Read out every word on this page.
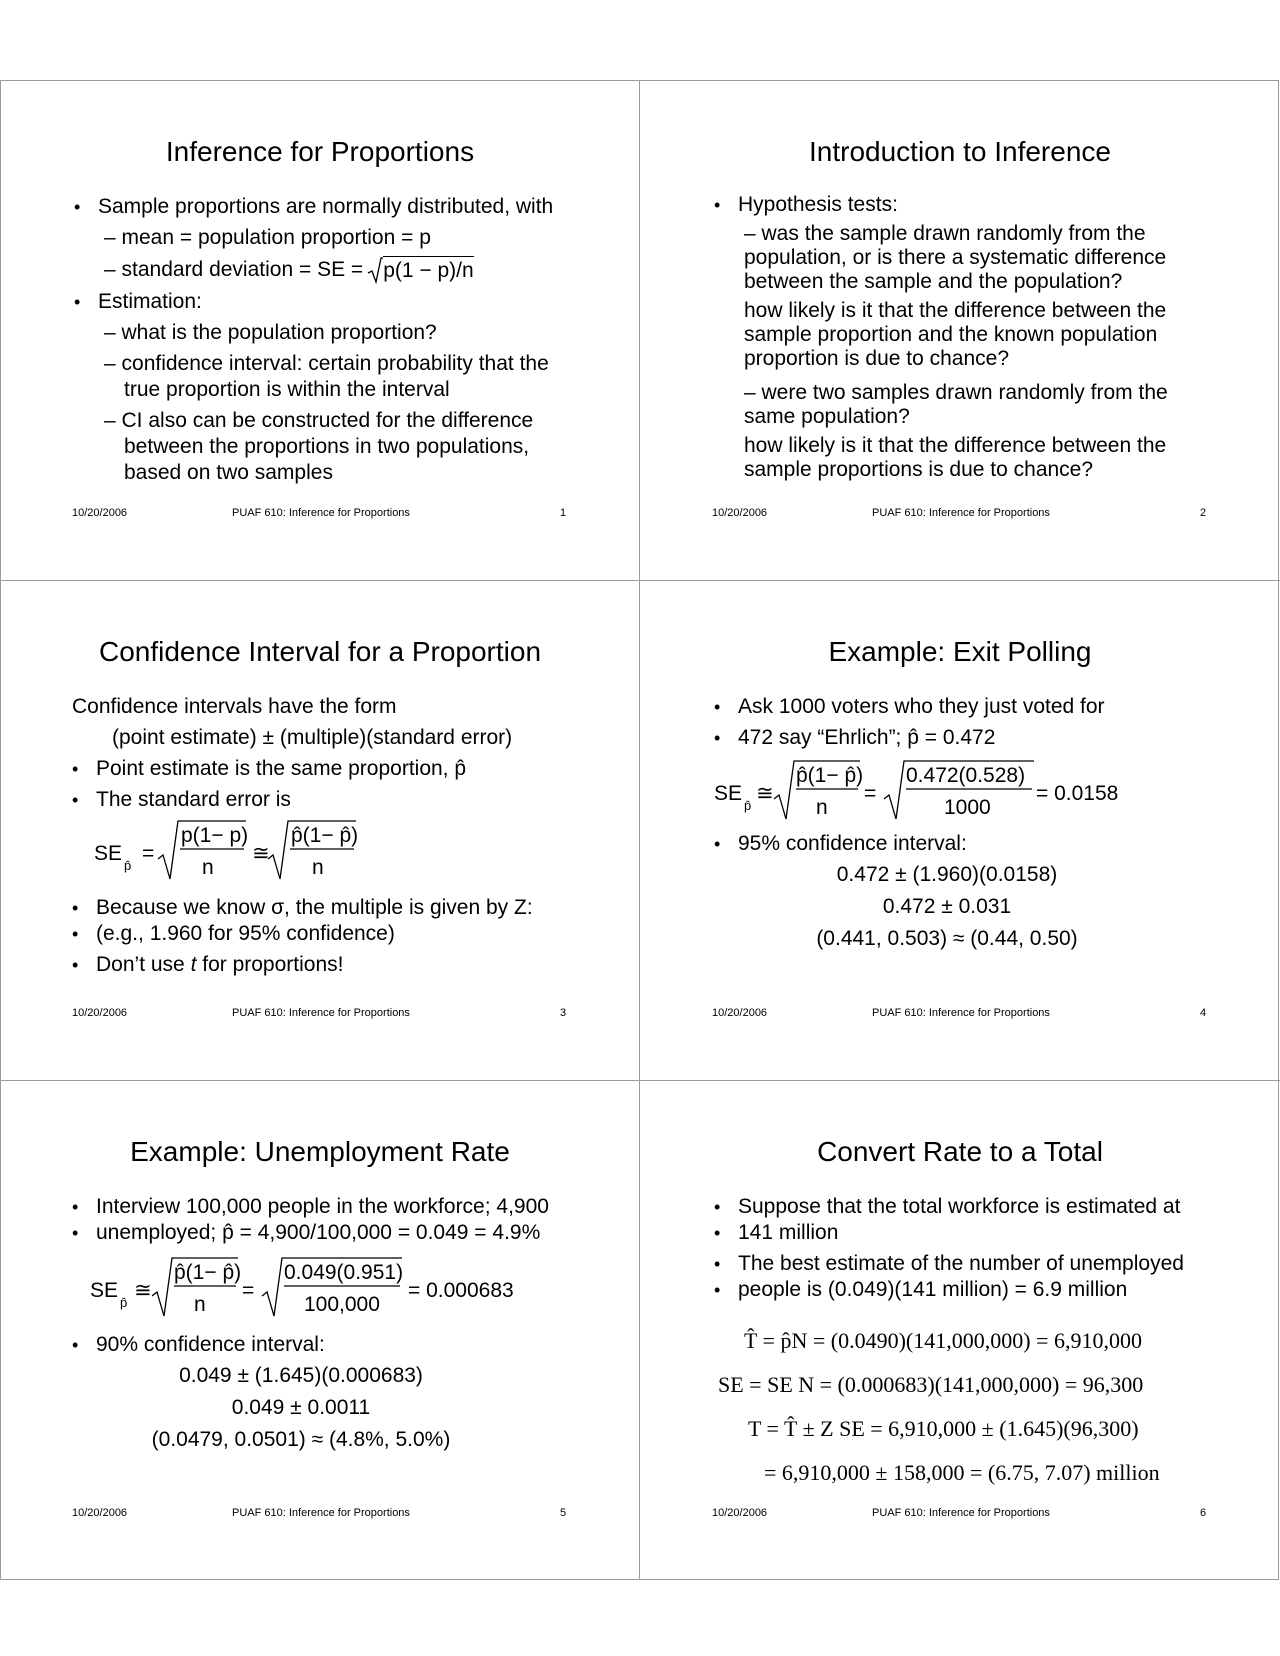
Inference for Proportions
• Sample proportions are normally distributed, with
– mean = population proportion = p
– standard deviation = SE = p(1 − p)/n
• Estimation:
– what is the population proportion?
– confidence interval: certain probability that the
true proportion is within the interval
– CI also can be constructed for the difference
between the proportions in two populations,
based on two samples
10/20/2006	PUAF 610: Inference for Proportions	1
Introduction to Inference
• Hypothesis tests:
– was the sample drawn randomly from the
population, or is there a systematic difference
between the sample and the population?
how likely is it that the difference between the
sample proportion and the known population
proportion is due to chance?
– were two samples drawn randomly from the
same population?
how likely is it that the difference between the
sample proportions is due to chance?
10/20/2006	PUAF 610: Inference for Proportions	2
Confidence Interval for a Proportion
Confidence intervals have the form
(point estimate) ± (multiple)(standard error)
• Point estimate is the same proportion, p̂
• The standard error is
SE
p̂
=
p(1− p)
n
≅
p̂(1− p̂)
n
• Because we know σ, the multiple is given by Z:
• (e.g., 1.960 for 95% confidence)
• Don’t use t for proportions!
10/20/2006	PUAF 610: Inference for Proportions	3
Example: Exit Polling
• Ask 1000 voters who they just voted for
• 472 say “Ehrlich”; p̂ = 0.472
SE
p̂
≅
p̂(1− p̂)
n
=
0.472(0.528)
1000
= 0.0158
• 95% confidence interval:
0.472 ± (1.960)(0.0158)
0.472 ± 0.031
(0.441, 0.503) ≈ (0.44, 0.50)
10/20/2006	PUAF 610: Inference for Proportions	4
Example: Unemployment Rate
• Interview 100,000 people in the workforce; 4,900
• unemployed; p̂ = 4,900/100,000 = 0.049 = 4.9%
SE
p̂
≅
p̂(1− p̂)
n
=
0.049(0.951)
100,000
= 0.000683
• 90% confidence interval:
0.049 ± (1.645)(0.000683)
0.049 ± 0.0011
(0.0479, 0.0501) ≈ (4.8%, 5.0%)
10/20/2006	PUAF 610: Inference for Proportions	5
Convert Rate to a Total
• Suppose that the total workforce is estimated at
• 141 million
• The best estimate of the number of unemployed
• people is (0.049)(141 million) = 6.9 million
T̂ = p̂N = (0.0490)(141,000,000) = 6,910,000
SE = SE N = (0.000683)(141,000,000) = 96,300
T = T̂ ± Z SE = 6,910,000 ± (1.645)(96,300)
= 6,910,000 ± 158,000 = (6.75, 7.07) million
10/20/2006	PUAF 610: Inference for Proportions	6
